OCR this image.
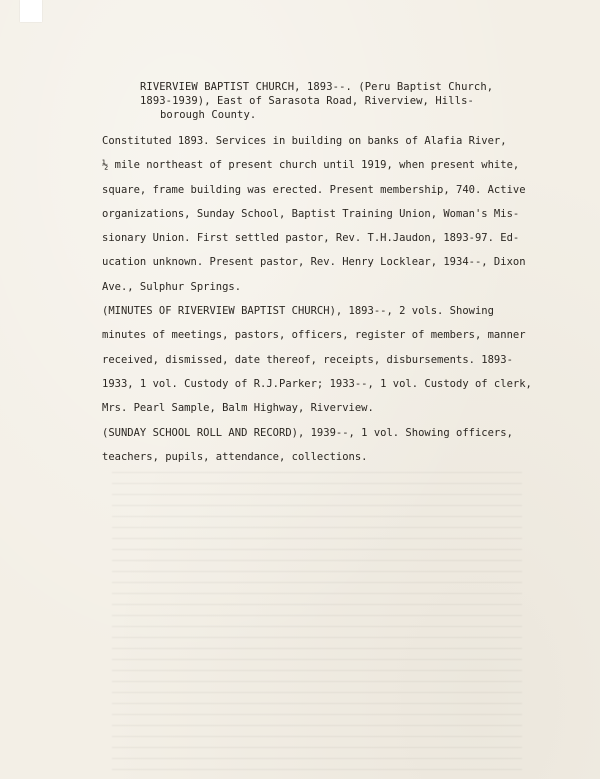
RIVERVIEW BAPTIST CHURCH, 1893--. (Peru Baptist Church,
1893-1939), East of Sarasota Road, Riverview, Hills-
borough County.

Constituted 1893. Services in building on banks of Alafia River,

½ mile northeast of present church until 1919, when present white,

square, frame building was erected. Present membership, 740. Active

organizations, Sunday School, Baptist Training Union, Woman's Mis-

sionary Union. First settled pastor, Rev. T.H.Jaudon, 1893-97. Ed-

ucation unknown. Present pastor, Rev. Henry Locklear, 1934--, Dixon

Ave., Sulphur Springs.

(MINUTES OF RIVERVIEW BAPTIST CHURCH), 1893--, 2 vols. Showing

minutes of meetings, pastors, officers, register of members, manner

received, dismissed, date thereof, receipts, disbursements. 1893-

1933, 1 vol. Custody of R.J.Parker; 1933--, 1 vol. Custody of clerk,

Mrs. Pearl Sample, Balm Highway, Riverview.

(SUNDAY SCHOOL ROLL AND RECORD), 1939--, 1 vol. Showing officers,

teachers, pupils, attendance, collections.
